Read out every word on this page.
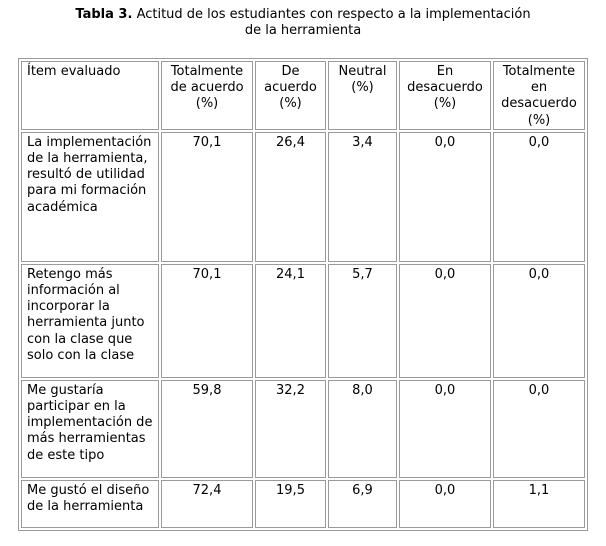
Tabla 3. Actitud de los estudiantes con respecto a la implementación
de la herramienta
Ítem evaluado	Totalmente de acuerdo (%)	De acuerdo (%)	Neutral (%)	En desacuerdo (%)	Totalmente en desacuerdo (%)
La implementación de la herramienta, resultó de utilidad para mi formación académica	70,1	26,4	3,4	0,0	0,0
Retengo más información al incorporar la herramienta junto con la clase que solo con la clase	70,1	24,1	5,7	0,0	0,0
Me gustaría participar en la implementación de más herramientas de este tipo	59,8	32,2	8,0	0,0	0,0
Me gustó el diseño de la herramienta	72,4	19,5	6,9	0,0	1,1
